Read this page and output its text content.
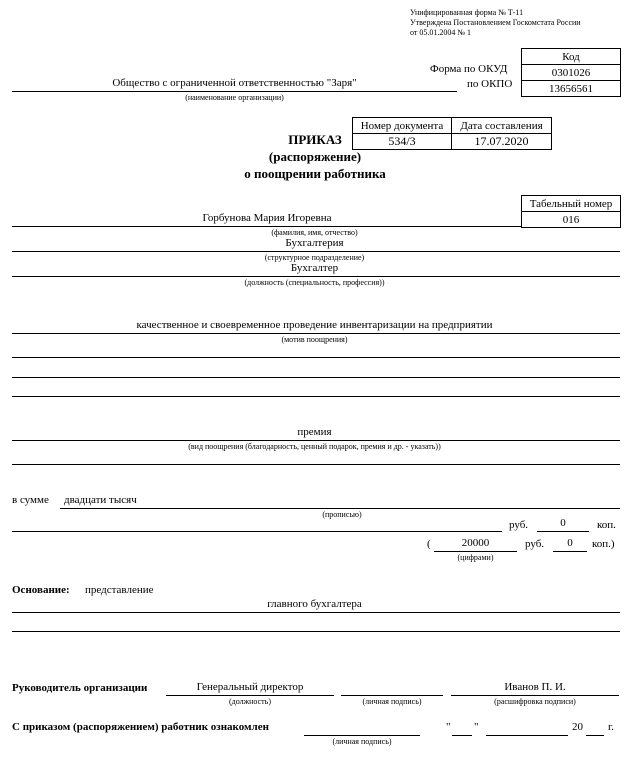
Унифицированная форма № Т-11
Утверждена Постановлением Госкомстата России
от 05.01.2004 № 1
Код
0301026
13656561
Форма по ОКУД
по ОКПО
Общество с ограниченной ответственностью "Заря"
(наименование организации)
Номер документа	Дата составления
534/3	17.07.2020
ПРИКАЗ
(распоряжение)
о поощрении работника
Табельный номер
016
Горбунова Мария Игоревна
(фамилия, имя, отчество)
Бухгалтерия
(структурное подразделение)
Бухгалтер
(должность (специальность, профессия))
качественное и своевременное проведение инвентаризации на предприятии
(мотив поощрения)
премия
(вид поощрения (благодарность, ценный подарок, премия и др. - указать))
в сумме двадцати тысяч
(прописью)
руб.	0	коп.
(	20000
(цифрами)
руб.	0	коп.)
Основание: представление
главного бухгалтера
Руководитель организации	Генеральный директор
(должность)	(личная подпись)
Иванов П. И.
(расшифровка подписи)
С приказом (распоряжением) работник ознакомлен
(личная подпись)
" "	20 г.
